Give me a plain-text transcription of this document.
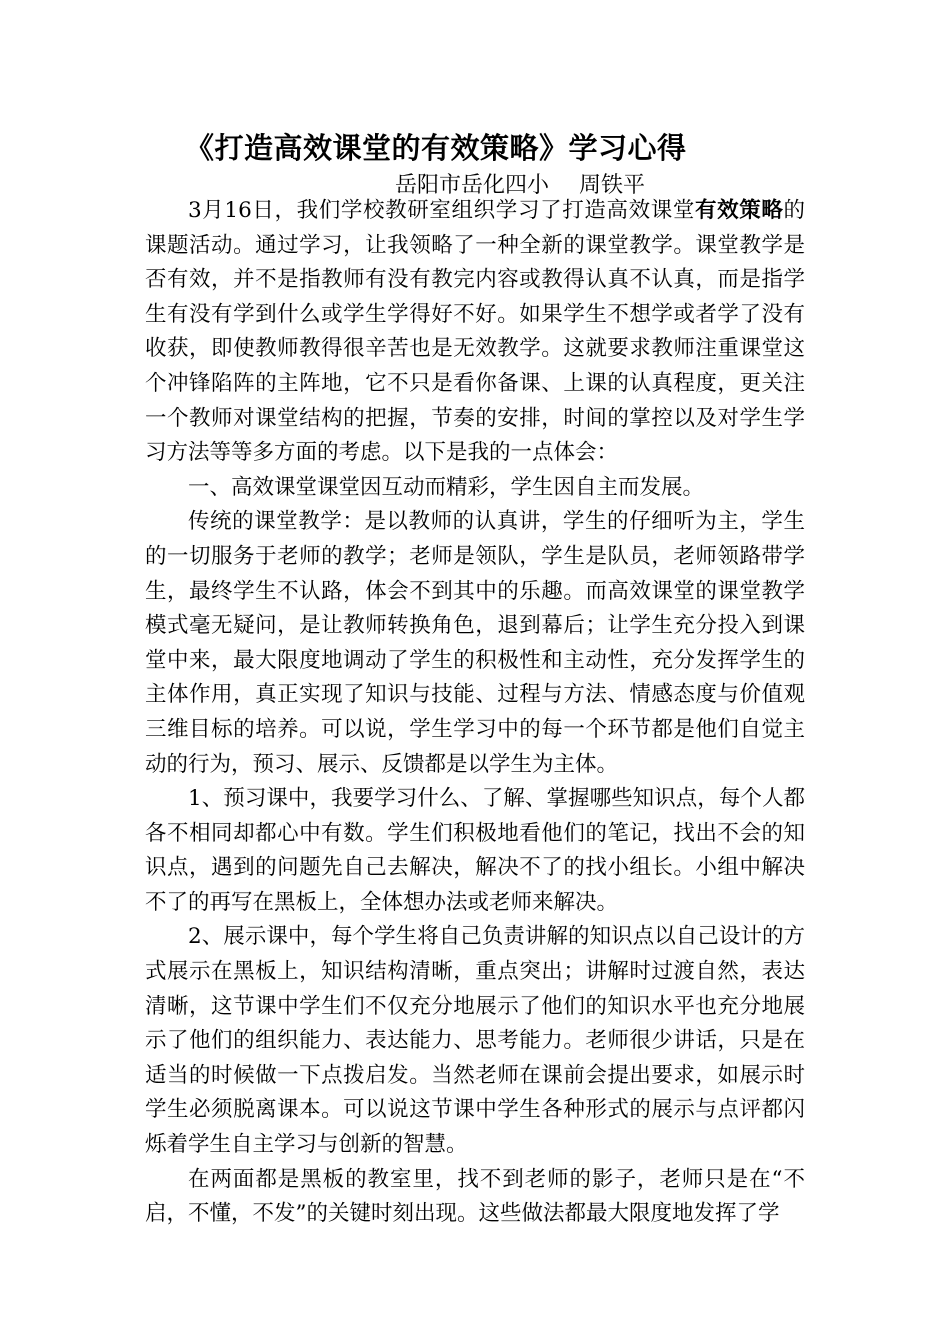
《打造高效课堂的有效策略》学习心得
岳阳市岳化四小 周铁平

3月16日，我们学校教研室组织学习了打造高效课堂有效策略的课题活动。通过学习，让我领略了一种全新的课堂教学。课堂教学是否有效，并不是指教师有没有教完内容或教得认真不认真，而是指学生有没有学到什么或学生学得好不好。如果学生不想学或者学了没有收获，即使教师教得很辛苦也是无效教学。这就要求教师注重课堂这个冲锋陷阵的主阵地，它不只是看你备课、上课的认真程度，更关注一个教师对课堂结构的把握，节奏的安排，时间的掌控以及对学生学习方法等等多方面的考虑。以下是我的一点体会：

一、高效课堂课堂因互动而精彩，学生因自主而发展。

传统的课堂教学：是以教师的认真讲，学生的仔细听为主，学生的一切服务于老师的教学；老师是领队，学生是队员，老师领路带学生，最终学生不认路，体会不到其中的乐趣。而高效课堂的课堂教学模式毫无疑问，是让教师转换角色，退到幕后；让学生充分投入到课堂中来，最大限度地调动了学生的积极性和主动性，充分发挥学生的主体作用，真正实现了知识与技能、过程与方法、情感态度与价值观三维目标的培养。可以说，学生学习中的每一个环节都是他们自觉主动的行为，预习、展示、反馈都是以学生为主体。

1、预习课中，我要学习什么、了解、掌握哪些知识点，每个人都各不相同却都心中有数。学生们积极地看他们的笔记，找出不会的知识点，遇到的问题先自己去解决，解决不了的找小组长。小组中解决不了的再写在黑板上，全体想办法或老师来解决。

2、展示课中，每个学生将自己负责讲解的知识点以自己设计的方式展示在黑板上，知识结构清晰，重点突出；讲解时过渡自然，表达清晰，这节课中学生们不仅充分地展示了他们的知识水平也充分地展示了他们的组织能力、表达能力、思考能力。老师很少讲话，只是在适当的时候做一下点拨启发。当然老师在课前会提出要求，如展示时学生必须脱离课本。可以说这节课中学生各种形式的展示与点评都闪烁着学生自主学习与创新的智慧。

在两面都是黑板的教室里，找不到老师的影子，老师只是在“不启，不懂，不发”的关键时刻出现。这些做法都最大限度地发挥了学
